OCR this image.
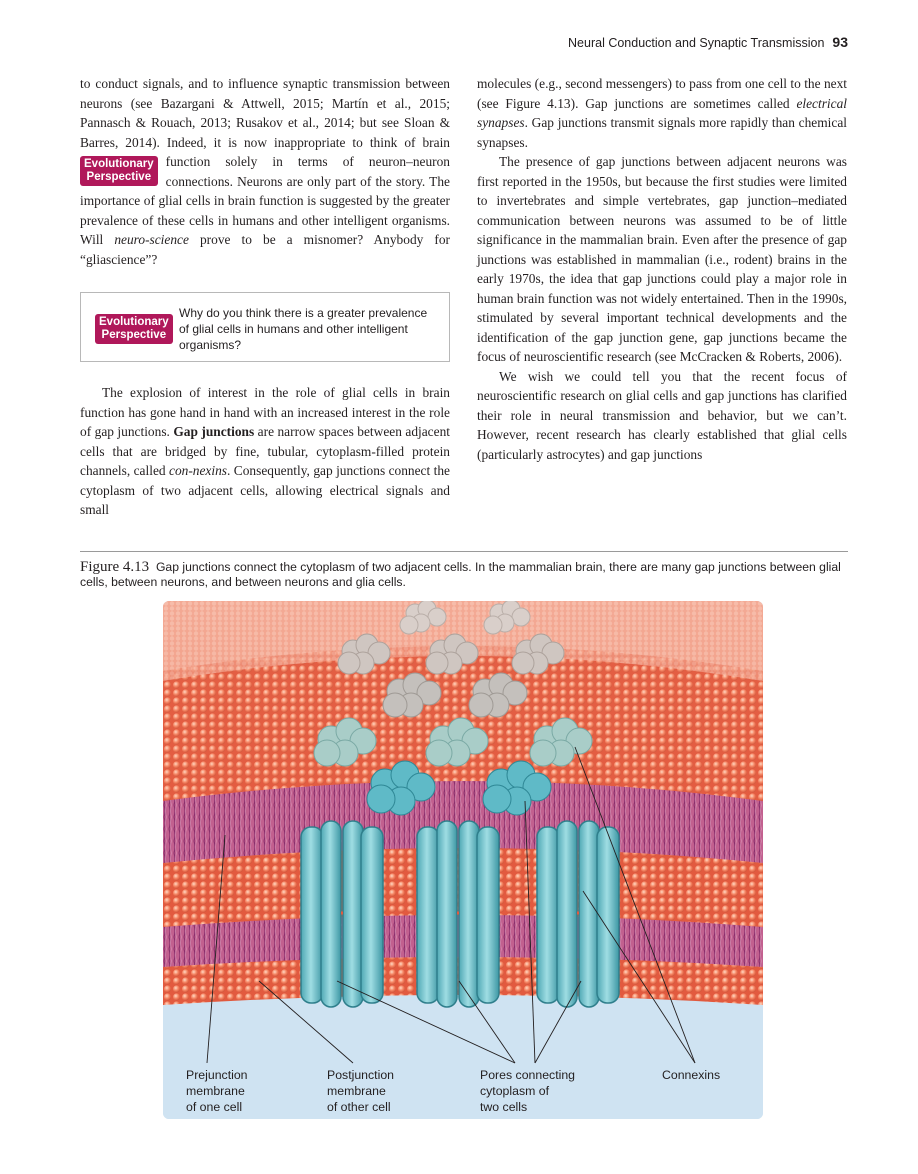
Neural Conduction and Synaptic Transmission 93

to conduct signals, and to influence synaptic transmission between neurons (see Bazargani & Attwell, 2015; Martín et al., 2015; Pannasch & Rouach, 2013; Rusakov et al., 2014; but see Sloan & Barres, 2014). Indeed, it is now inappropriate to think of brain function solely in terms of neuron–neuron
Evolutionary
Perspective	connections. Neurons are only part of the story. The importance of glial cells in brain function is suggested by the greater prevalence of these cells in humans and other intelligent organisms. Will neuro-science prove to be a misnomer? Anybody for “gliascience”?

Evolutionary
Perspective
Why do you think there is a greater prevalence of glial cells in humans and other intelligent organisms?

The explosion of interest in the role of glial cells in brain function has gone hand in hand with an increased interest in the role of gap junctions. Gap junctions are narrow spaces between adjacent cells that are bridged by fine, tubular, cytoplasm-filled protein channels, called con-nexins. Consequently, gap junctions connect the cytoplasm of two adjacent cells, allowing electrical signals and small

molecules (e.g., second messengers) to pass from one cell to the next (see Figure 4.13). Gap junctions are sometimes called electrical synapses. Gap junctions transmit signals more rapidly than chemical synapses.

The presence of gap junctions between adjacent neurons was first reported in the 1950s, but because the first studies were limited to invertebrates and simple vertebrates, gap junction–mediated communication between neurons was assumed to be of little significance in the mammalian brain. Even after the presence of gap junctions was established in mammalian (i.e., rodent) brains in the early 1970s, the idea that gap junctions could play a major role in human brain function was not widely entertained. Then in the 1990s, stimulated by several important technical developments and the identification of the gap junction gene, gap junctions became the focus of neuroscientific research (see McCracken & Roberts, 2006).

We wish we could tell you that the recent focus of neuroscientific research on glial cells and gap junctions has clarified their role in neural transmission and behavior, but we can’t. However, recent research has clearly established that glial cells (particularly astrocytes) and gap junctions

Figure 4.13 Gap junctions connect the cytoplasm of two adjacent cells. In the mammalian brain, there are many gap junctions between glial cells, between neurons, and between neurons and glia cells.
Prejunction
membrane
of one cell
Postjunction
membrane
of other cell
Pores connecting
cytoplasm of
two cells
Connexins
